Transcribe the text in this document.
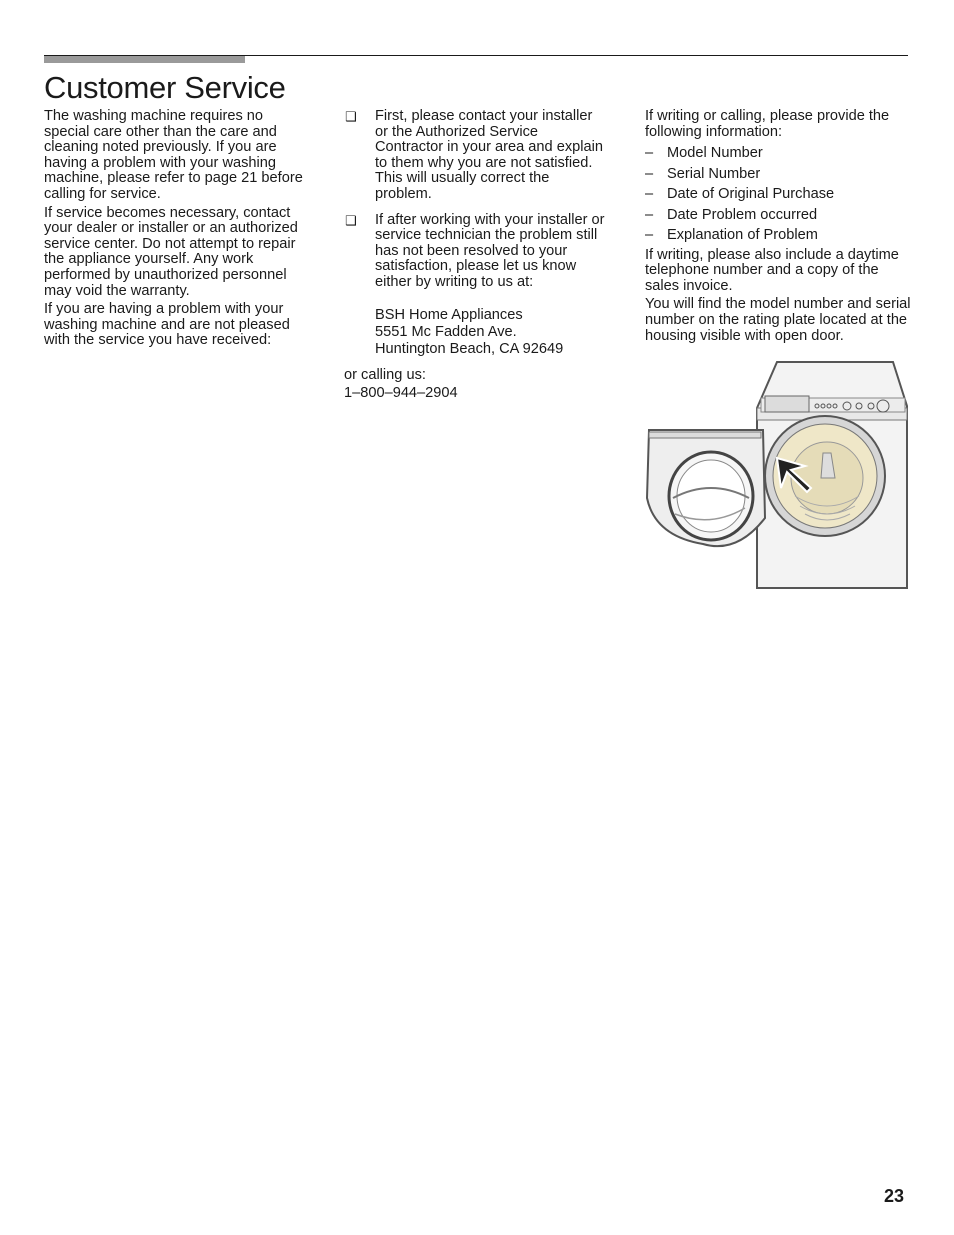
Customer Service

The washing machine requires no special care other than the care and cleaning noted previously. If you are having a problem with your washing machine, please refer to page 21 before calling for service.

If service becomes necessary, contact your dealer or installer or an authorized service center. Do not attempt to repair the appliance yourself. Any work performed by unauthorized personnel may void the warranty.

If you are having a problem with your washing machine and are not pleased with the service you have received:

❑ First, please contact your installer or the Authorized Service Contractor in your area and explain to them why you are not satisfied. This will usually correct the problem.
❑ If after working with your installer or service technician the problem still has not been resolved to your satisfaction, please let us know either by writing to us at:
BSH Home Appliances
5551 Mc Fadden Ave.
Huntington Beach, CA 92649
or calling us:
1–800–944–2904

If writing or calling, please provide the following information:

– Model Number
– Serial Number
– Date of Original Purchase
– Date Problem occurred
– Explanation of Problem

If writing, please also include a daytime telephone number and a copy of the sales invoice.

You will find the model number and serial number on the rating plate located at the housing visible with open door.

23
